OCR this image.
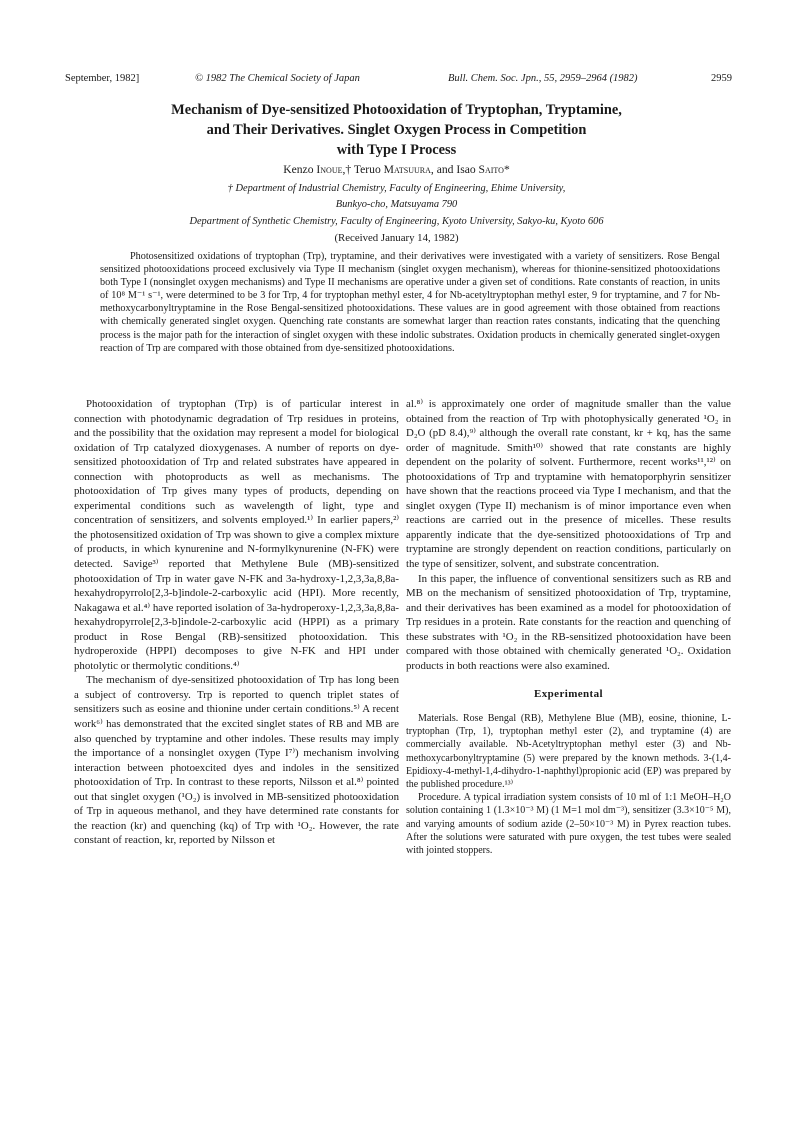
September, 1982]	© 1982 The Chemical Society of Japan	Bull. Chem. Soc. Jpn., 55, 2959–2964 (1982)	2959
Mechanism of Dye-sensitized Photooxidation of Tryptophan, Tryptamine,
and Their Derivatives. Singlet Oxygen Process in Competition
with Type I Process
Kenzo Inoue,† Teruo Matsuura, and Isao Saito*
† Department of Industrial Chemistry, Faculty of Engineering, Ehime University,
Bunkyo-cho, Matsuyama 790
Department of Synthetic Chemistry, Faculty of Engineering, Kyoto University, Sakyo-ku, Kyoto 606
(Received January 14, 1982)
Photosensitized oxidations of tryptophan (Trp), tryptamine, and their derivatives were investigated with a variety of sensitizers. Rose Bengal sensitized photooxidations proceed exclusively via Type II mechanism (singlet oxygen mechanism), whereas for thionine-sensitized photooxidations both Type I (nonsinglet oxygen mechanisms) and Type II mechanisms are operative under a given set of conditions. Rate constants of reaction, in units of 10⁸ M⁻¹ s⁻¹, were determined to be 3 for Trp, 4 for tryptophan methyl ester, 4 for Nb-acetyltryptophan methyl ester, 9 for tryptamine, and 7 for Nb-methoxycarbonyltryptamine in the Rose Bengal-sensitized photooxidations. These values are in good agreement with those obtained from reactions with chemically generated singlet oxygen. Quenching rate constants are somewhat larger than reaction rates constants, indicating that the quenching process is the major path for the interaction of singlet oxygen with these indolic substrates. Oxidation products in chemically generated singlet-oxygen reaction of Trp are compared with those obtained from dye-sensitized photooxidations.

Photooxidation of tryptophan (Trp) is of particular interest in connection with photodynamic degradation of Trp residues in proteins, and the possibility that the oxidation may represent a model for biological oxidation of Trp catalyzed dioxygenases. A number of reports on dye-sensitized photooxidation of Trp and related substrates have appeared in connection with photoproducts as well as mechanisms. The photooxidation of Trp gives many types of products, depending on experimental conditions such as wavelength of light, type and concentration of sensitizers, and solvents employed.¹⁾ In earlier papers,²⁾ the photosensitized oxidation of Trp was shown to give a complex mixture of products, in which kynurenine and N-formylkynurenine (N-FK) were detected. Savige³⁾ reported that Methylene Bule (MB)-sensitized photooxidation of Trp in water gave N-FK and 3a-hydroxy-1,2,3,3a,8,8a-hexahydropyrrolo[2,3-b]indole-2-carboxylic acid (HPI). More recently, Nakagawa et al.⁴⁾ have reported isolation of 3a-hydroperoxy-1,2,3,3a,8,8a-hexahydropyrrole[2,3-b]indole-2-carboxylic acid (HPPI) as a primary product in Rose Bengal (RB)-sensitized photooxidation. This hydroperoxide (HPPI) decomposes to give N-FK and HPI under photolytic or thermolytic conditions.⁴⁾

The mechanism of dye-sensitized photooxidation of Trp has long been a subject of controversy. Trp is reported to quench triplet states of sensitizers such as eosine and thionine under certain conditions.⁵⁾ A recent work⁶⁾ has demonstrated that the excited singlet states of RB and MB are also quenched by tryptamine and other indoles. These results may imply the importance of a nonsinglet oxygen (Type I⁷⁾) mechanism involving interaction between photoexcited dyes and indoles in the sensitized photooxidation of Trp. In contrast to these reports, Nilsson et al.⁸⁾ pointed out that singlet oxygen (¹O₂) is involved in MB-sensitized photooxidation of Trp in aqueous methanol, and they have determined rate constants for the reaction (kr) and quenching (kq) of Trp with ¹O₂. However, the rate constant of reaction, kr, reported by Nilsson et

al.⁸⁾ is approximately one order of magnitude smaller than the value obtained from the reaction of Trp with photophysically generated ¹O₂ in D₂O (pD 8.4),⁹⁾ although the overall rate constant, kr + kq, has the same order of magnitude. Smith¹⁰⁾ showed that rate constants are highly dependent on the polarity of solvent. Furthermore, recent works¹¹,¹²⁾ on photooxidations of Trp and tryptamine with hematoporphyrin sensitizer have shown that the reactions proceed via Type I mechanism, and that the singlet oxygen (Type II) mechanism is of minor importance even when reactions are carried out in the presence of micelles. These results apparently indicate that the dye-sensitized photooxidations of Trp and tryptamine are strongly dependent on reaction conditions, particularly on the type of sensitizer, solvent, and substrate concentration.

In this paper, the influence of conventional sensitizers such as RB and MB on the mechanism of sensitized photooxidation of Trp, tryptamine, and their derivatives has been examined as a model for photooxidation of Trp residues in a protein. Rate constants for the reaction and quenching of these substrates with ¹O₂ in the RB-sensitized photooxidation have been compared with those obtained with chemically generated ¹O₂. Oxidation products in both reactions were also examined.

Experimental

Materials. Rose Bengal (RB), Methylene Blue (MB), eosine, thionine, L-tryptophan (Trp, 1), tryptophan methyl ester (2), and tryptamine (4) are commercially available. Nb-Acetyltryptophan methyl ester (3) and Nb-methoxycarbonyltryptamine (5) were prepared by the known methods. 3-(1,4-Epidioxy-4-methyl-1,4-dihydro-1-naphthyl)propionic acid (EP) was prepared by the published procedure.¹³⁾

Procedure. A typical irradiation system consists of 10 ml of 1:1 MeOH–H₂O solution containing 1 (1.3×10⁻³ M) (1 M=1 mol dm⁻³), sensitizer (3.3×10⁻⁵ M), and varying amounts of sodium azide (2–50×10⁻³ M) in Pyrex reaction tubes. After the solutions were saturated with pure oxygen, the test tubes were sealed with jointed stoppers.
